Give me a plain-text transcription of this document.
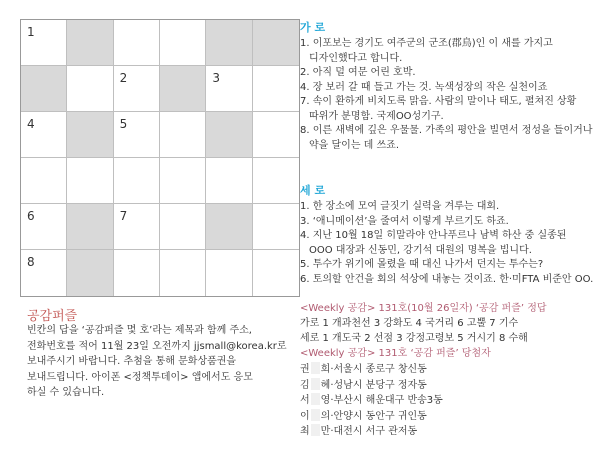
1
2	3
4	5
6	7
8

가 로

1. 이포보는 경기도 여주군의 군조(郡鳥)인 이 새를 가지고

디자인했다고 합니다.

2. 아직 덜 여문 어린 호박.

4. 장 보러 갈 때 들고 가는 것. 녹색성장의 작은 실천이죠

7. 속이 환하게 비치도록 맑음. 사람의 말이나 태도, 펼쳐진 상황

따위가 분명함. 국제OO성기구.

8. 이른 새벽에 깊은 우물물. 가족의 평안을 빌면서 정성을 들이거나

약을 달이는 데 쓰죠.

세 로

1. 한 장소에 모여 글짓기 실력을 겨루는 대회.

3. ‘애니메이션’을 줄여서 이렇게 부르기도 하죠.

4. 지난 10월 18일 히말라야 안나푸르나 남벽 하산 중 실종된

OOO 대장과 신동민, 강기석 대원의 명복을 빕니다.

5. 투수가 위기에 몰렸을 때 대신 나가서 던지는 투수는?

6. 토의할 안건을 회의 석상에 내놓는 것이죠. 한·미FTA 비준안 OO.

공감퍼즐

빈칸의 답을 ‘공감퍼즐 몇 호’라는 제목과 함께 주소,

전화번호를 적어 11월 23일 오전까지 jjsmall@korea.kr로

보내주시기 바랍니다. 추첨을 통해 문화상품권을

보내드립니다. 아이폰 <정책투데이> 앱에서도 응모

하실 수 있습니다.

<Weekly 공감> 131호(10월 26일자) ‘공감 퍼즐’ 정답

가로 1 개과천선 3 강화도 4 국거리 6 고뿔 7 기수

세로 1 개도국 2 선점 3 강정고령보 5 거시기 8 수해

<Weekly 공감> 131호 ‘공감 퍼즐’ 당첨자

권 희·서울시 종로구 창신동

김 혜·성남시 분당구 정자동

서 영·부산시 해운대구 반송3동

이 의·안양시 동안구 귀인동

최 만·대전시 서구 관저동
